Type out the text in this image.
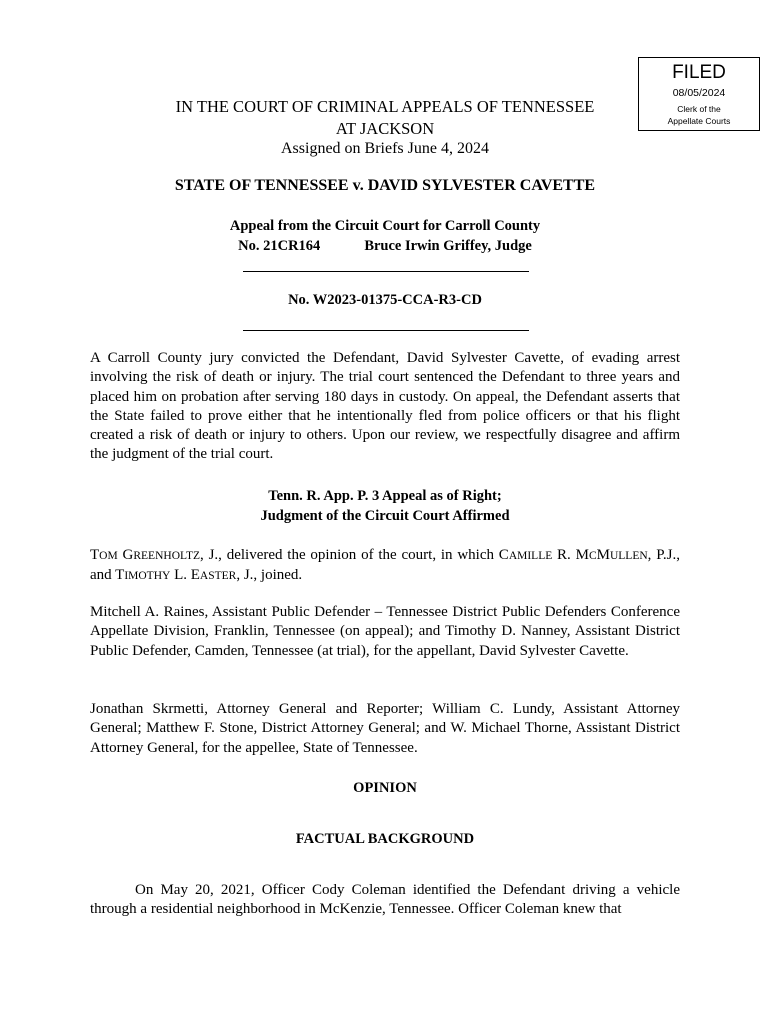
FILED
08/05/2024
Clerk of the
Appellate Courts
IN THE COURT OF CRIMINAL APPEALS OF TENNESSEE
AT JACKSON
Assigned on Briefs June 4, 2024
STATE OF TENNESSEE v. DAVID SYLVESTER CAVETTE
Appeal from the Circuit Court for Carroll County
No. 21CR164	Bruce Irwin Griffey, Judge
No. W2023-01375-CCA-R3-CD
A Carroll County jury convicted the Defendant, David Sylvester Cavette, of evading arrest involving the risk of death or injury. The trial court sentenced the Defendant to three years and placed him on probation after serving 180 days in custody. On appeal, the Defendant asserts that the State failed to prove either that he intentionally fled from police officers or that his flight created a risk of death or injury to others. Upon our review, we respectfully disagree and affirm the judgment of the trial court.
Tenn. R. App. P. 3 Appeal as of Right;
Judgment of the Circuit Court Affirmed
TOM GREENHOLTZ, J., delivered the opinion of the court, in which CAMILLE R. MCMULLEN, P.J., and TIMOTHY L. EASTER, J., joined.
Mitchell A. Raines, Assistant Public Defender – Tennessee District Public Defenders Conference Appellate Division, Franklin, Tennessee (on appeal); and Timothy D. Nanney, Assistant District Public Defender, Camden, Tennessee (at trial), for the appellant, David Sylvester Cavette.
Jonathan Skrmetti, Attorney General and Reporter; William C. Lundy, Assistant Attorney General; Matthew F. Stone, District Attorney General; and W. Michael Thorne, Assistant District Attorney General, for the appellee, State of Tennessee.
OPINION
FACTUAL BACKGROUND
On May 20, 2021, Officer Cody Coleman identified the Defendant driving a vehicle through a residential neighborhood in McKenzie, Tennessee. Officer Coleman knew that
